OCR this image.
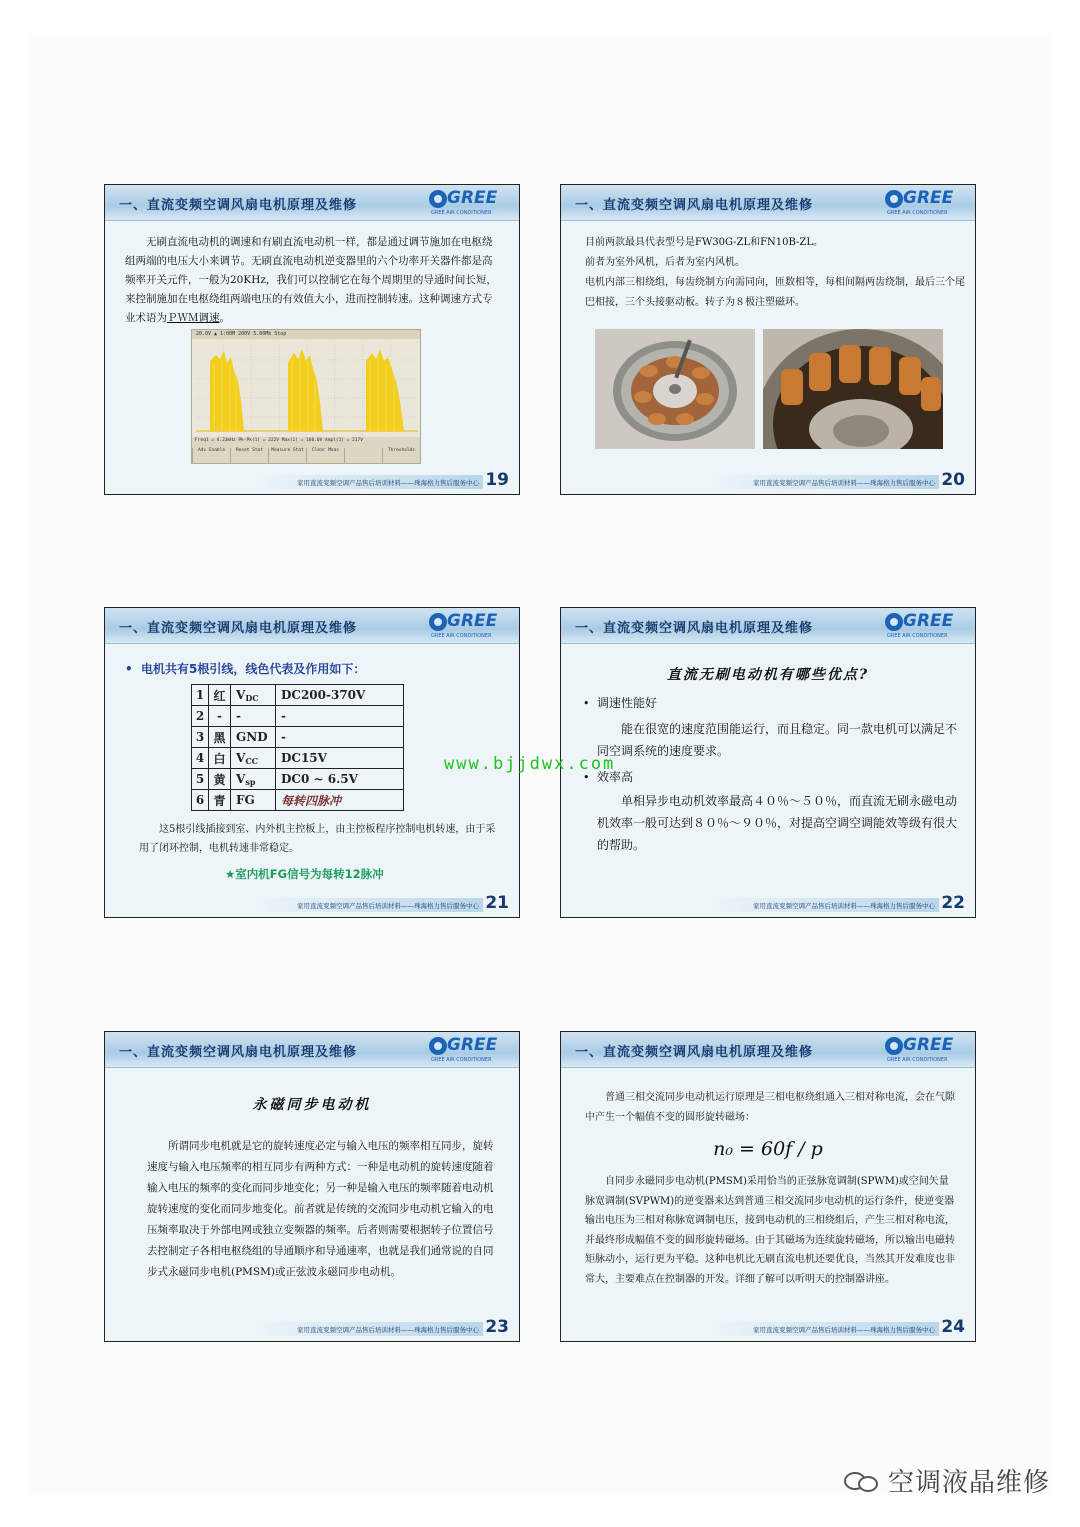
一、直流变频空调风扇电机原理及维修	GREE
GREE AIR CONDITIONER
无刷直流电动机的调速和有刷直流电动机一样，都是通过调节施加在电枢绕组两端的电压大小来调节。无刷直流电动机逆变器里的六个功率开关器件都是高频率开关元件，一般为20KHz，我们可以控制它在每个周期里的导通时间长短，来控制施加在电枢绕组两端电压的有效值大小，进而控制转速。这种调速方式专业术语为ＰＷＭ调速。
20.0V ▲ 1:00M 200V 5.00Mb Stop
Freq1 = 4.23mHz Pk-Pk(1) = 222V Max(1) = 160.0V Ampl(1) = 217V
Adv Enable	Reset Stat	Measure Stat	Clear Meas	Thresholds
家用直流变频空调产品售后培训材料——珠海格力售后服务中心 19
一、直流变频空调风扇电机原理及维修	GREE
GREE AIR CONDITIONER
目前两款最具代表型号是FW30G-ZL和FN10B-ZL。
前者为室外风机，后者为室内风机。
电机内部三相绕组，每齿绕制方向需同向，匝数相等，每相间隔两齿绕制，最后三个尾巴相接，三个头接驱动板。转子为８极注塑磁环。
家用直流变频空调产品售后培训材料——珠海格力售后服务中心 20
一、直流变频空调风扇电机原理及维修	GREE
GREE AIR CONDITIONER
•  电机共有5根引线，线色代表及作用如下：
1	红	$V_{DC}$	DC200-370V
2	-	-	-
3	黑	GND	-
4	白	$V_{CC}$	DC15V
5	黄	$V_{sp}$	DC0 ~ 6.5V
6	青	FG	每转四脉冲
这5根引线插接到室、内外机主控板上，由主控板程序控制电机转速，由于采用了闭环控制，电机转速非常稳定。
★室内机FG信号为每转12脉冲
家用直流变频空调产品售后培训材料——珠海格力售后服务中心 21
一、直流变频空调风扇电机原理及维修	GREE
GREE AIR CONDITIONER
直流无刷电动机有哪些优点?
• 调速性能好
能在很宽的速度范围能运行，而且稳定。同一款电机可以满足不同空调系统的速度要求。
• 效率高
单相异步电动机效率最高４０％～５０％，而直流无刷永磁电动机效率一般可达到８０％～９０％，对提高空调空调能效等级有很大的帮助。
家用直流变频空调产品售后培训材料——珠海格力售后服务中心 22
一、直流变频空调风扇电机原理及维修	GREE
GREE AIR CONDITIONER
永磁同步电动机
所谓同步电机就是它的旋转速度必定与输入电压的频率相互同步，旋转速度与输入电压频率的相互同步有两种方式：一种是电动机的旋转速度随着输入电压的频率的变化而同步地变化；另一种是输入电压的频率随着电动机旋转速度的变化而同步地变化。前者就是传统的交流同步电动机它输入的电压频率取决于外部电网或独立变频器的频率。后者则需要根据转子位置信号去控制定子各相电枢绕组的导通顺序和导通速率，也就是我们通常说的自同步式永磁同步电机(PMSM)或正弦波永磁同步电动机。
家用直流变频空调产品售后培训材料——珠海格力售后服务中心 23
一、直流变频空调风扇电机原理及维修	GREE
GREE AIR CONDITIONER
普通三相交流同步电动机运行原理是三相电枢绕组通入三相对称电流，会在气隙中产生一个幅值不变的圆形旋转磁场：
n₀ = 60f / p
自同步永磁同步电动机(PMSM)采用恰当的正弦脉宽调制(SPWM)或空间矢量脉宽调制(SVPWM)的逆变器来达到普通三相交流同步电动机的运行条件，使逆变器输出电压为三相对称脉宽调制电压，接到电动机的三相绕组后，产生三相对称电流，并最终形成幅值不变的圆形旋转磁场。由于其磁场为连续旋转磁场，所以输出电磁转矩脉动小，运行更为平稳。这种电机比无刷直流电机还要优良，当然其开发难度也非常大，主要难点在控制器的开发。详细了解可以听明天的控制器讲座。
家用直流变频空调产品售后培训材料——珠海格力售后服务中心 24
www.bjjdwx.com
空调液晶维修
